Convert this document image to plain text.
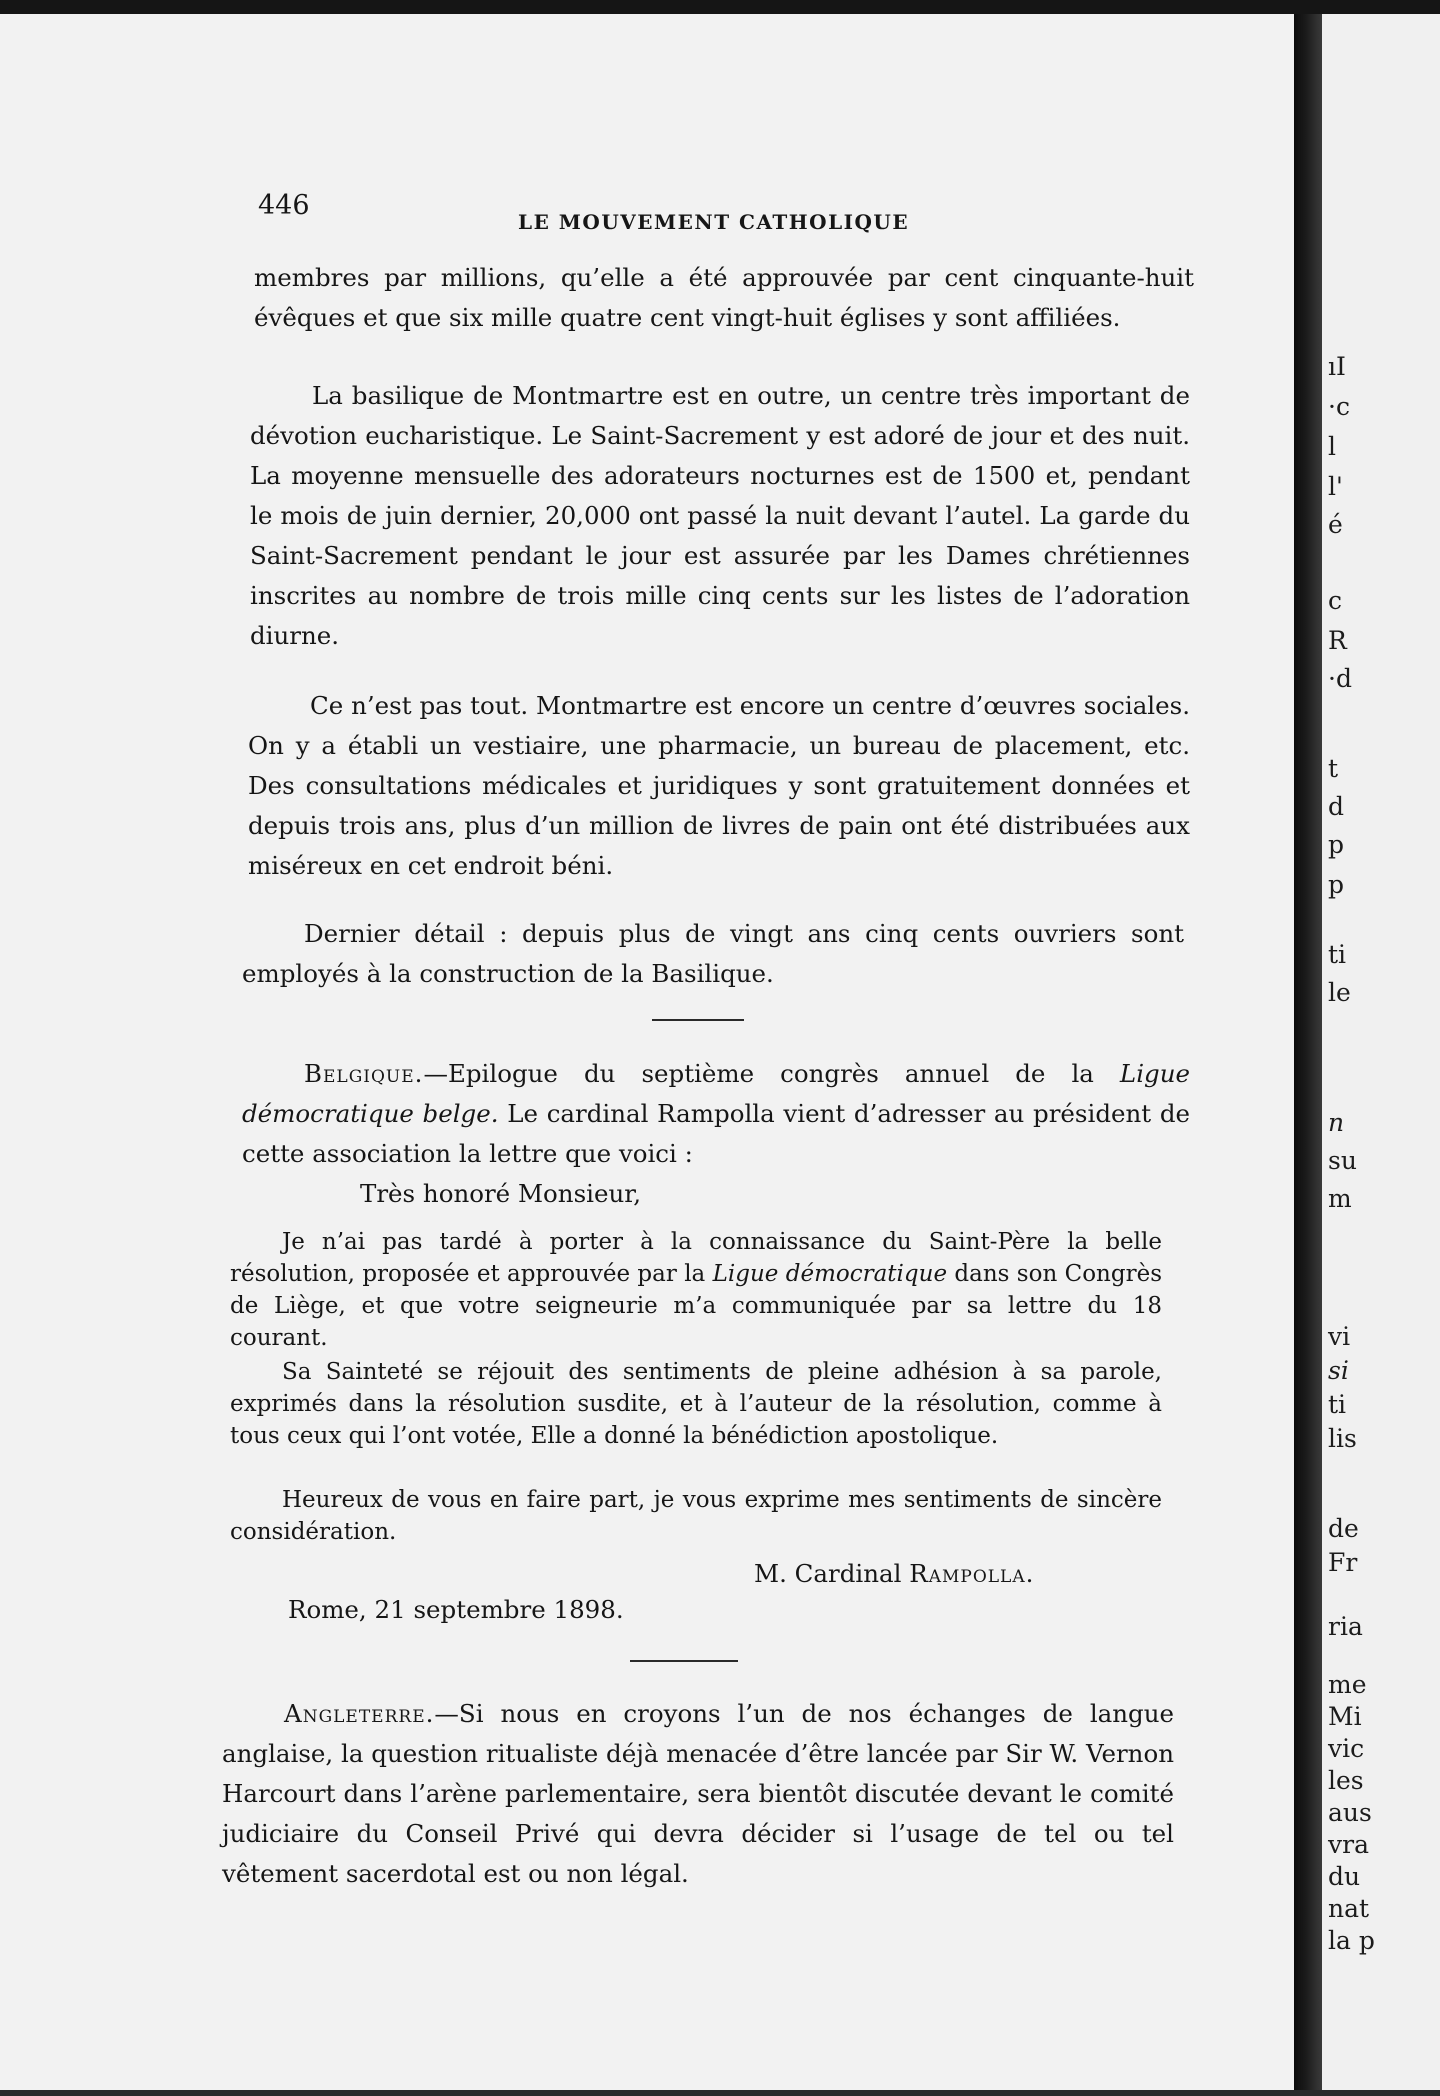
446
LE MOUVEMENT CATHOLIQUE

membres par millions, qu’elle a été approuvée par cent cinquante-huit évêques et que six mille quatre cent vingt-huit églises y sont affiliées.

La basilique de Montmartre est en outre, un centre très important de dévotion eucharistique. Le Saint-Sacrement y est adoré de jour et des nuit. La moyenne mensuelle des adorateurs nocturnes est de 1500 et, pendant le mois de juin dernier, 20,000 ont passé la nuit devant l’autel. La garde du Saint-Sacrement pendant le jour est assurée par les Dames chrétiennes inscrites au nombre de trois mille cinq cents sur les listes de l’adoration diurne.

Ce n’est pas tout. Montmartre est encore un centre d’œuvres sociales. On y a établi un vestiaire, une pharmacie, un bureau de placement, etc. Des consultations médicales et juridiques y sont gratuitement données et depuis trois ans, plus d’un million de livres de pain ont été distribuées aux miséreux en cet endroit béni.

Dernier détail : depuis plus de vingt ans cinq cents ouvriers sont employés à la construction de la Basilique.

Belgique.—Epilogue du septième congrès annuel de la Ligue démocratique belge. Le cardinal Rampolla vient d’adresser au président de cette association la lettre que voici :

Très honoré Monsieur,

Je n’ai pas tardé à porter à la connaissance du Saint-Père la belle résolution, proposée et approuvée par la Ligue démocratique dans son Congrès de Liège, et que votre seigneurie m’a communiquée par sa lettre du 18 courant.

Sa Sainteté se réjouit des sentiments de pleine adhésion à sa parole, exprimés dans la résolution susdite, et à l’auteur de la résolution, comme à tous ceux qui l’ont votée, Elle a donné la bénédiction apostolique.

Heureux de vous en faire part, je vous exprime mes sentiments de sincère considération.

M. Cardinal Rampolla.
Rome, 21 septembre 1898.

Angleterre.—Si nous en croyons l’un de nos échanges de langue anglaise, la question ritualiste déjà menacée d’être lancée par Sir W. Vernon Harcourt dans l’arène parlementaire, sera bientôt discutée devant le comité judiciaire du Conseil Privé qui devra décider si l’usage de tel ou tel vêtement sacerdotal est ou non légal.

ıI
·c
l
l'
é
c
R
·d
t
d
p
p
ti
le
n
su
m
vi
si
ti
lis
de
Fr
ria
me
Mi
vic
les
aus
vra
du
nat
la p
